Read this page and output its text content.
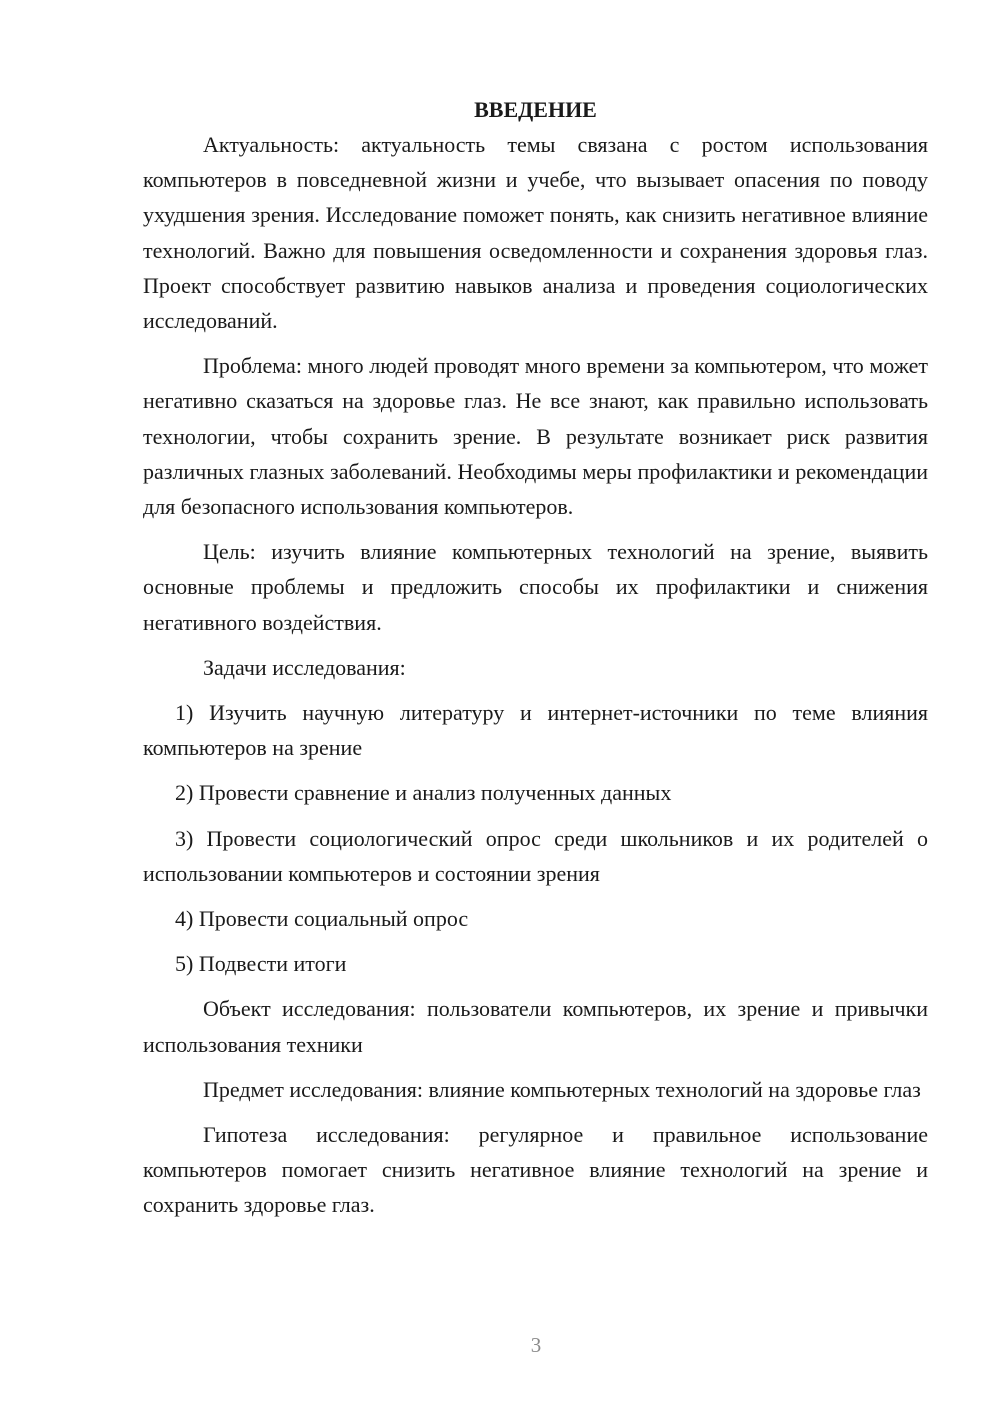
ВВЕДЕНИЕ

Актуальность: актуальность темы связана с ростом использования компьютеров в повседневной жизни и учебе, что вызывает опасения по поводу ухудшения зрения. Исследование поможет понять, как снизить негативное влияние технологий. Важно для повышения осведомленности и сохранения здоровья глаз. Проект способствует развитию навыков анализа и проведения социологических исследований.

Проблема: много людей проводят много времени за компьютером, что может негативно сказаться на здоровье глаз. Не все знают, как правильно использовать технологии, чтобы сохранить зрение. В результате возникает риск развития различных глазных заболеваний. Необходимы меры профилактики и рекомендации для безопасного использования компьютеров.

Цель: изучить влияние компьютерных технологий на зрение, выявить основные проблемы и предложить способы их профилактики и снижения негативного воздействия.

Задачи исследования:

1) Изучить научную литературу и интернет-источники по теме влияния компьютеров на зрение

2) Провести сравнение и анализ полученных данных

3) Провести социологический опрос среди школьников и их родителей о использовании компьютеров и состоянии зрения

4) Провести социальный опрос

5) Подвести итоги

Объект исследования: пользователи компьютеров, их зрение и привычки использования техники

Предмет исследования: влияние компьютерных технологий на здоровье глаз

Гипотеза исследования: регулярное и правильное использование компьютеров помогает снизить негативное влияние технологий на зрение и сохранить здоровье глаз.

3
